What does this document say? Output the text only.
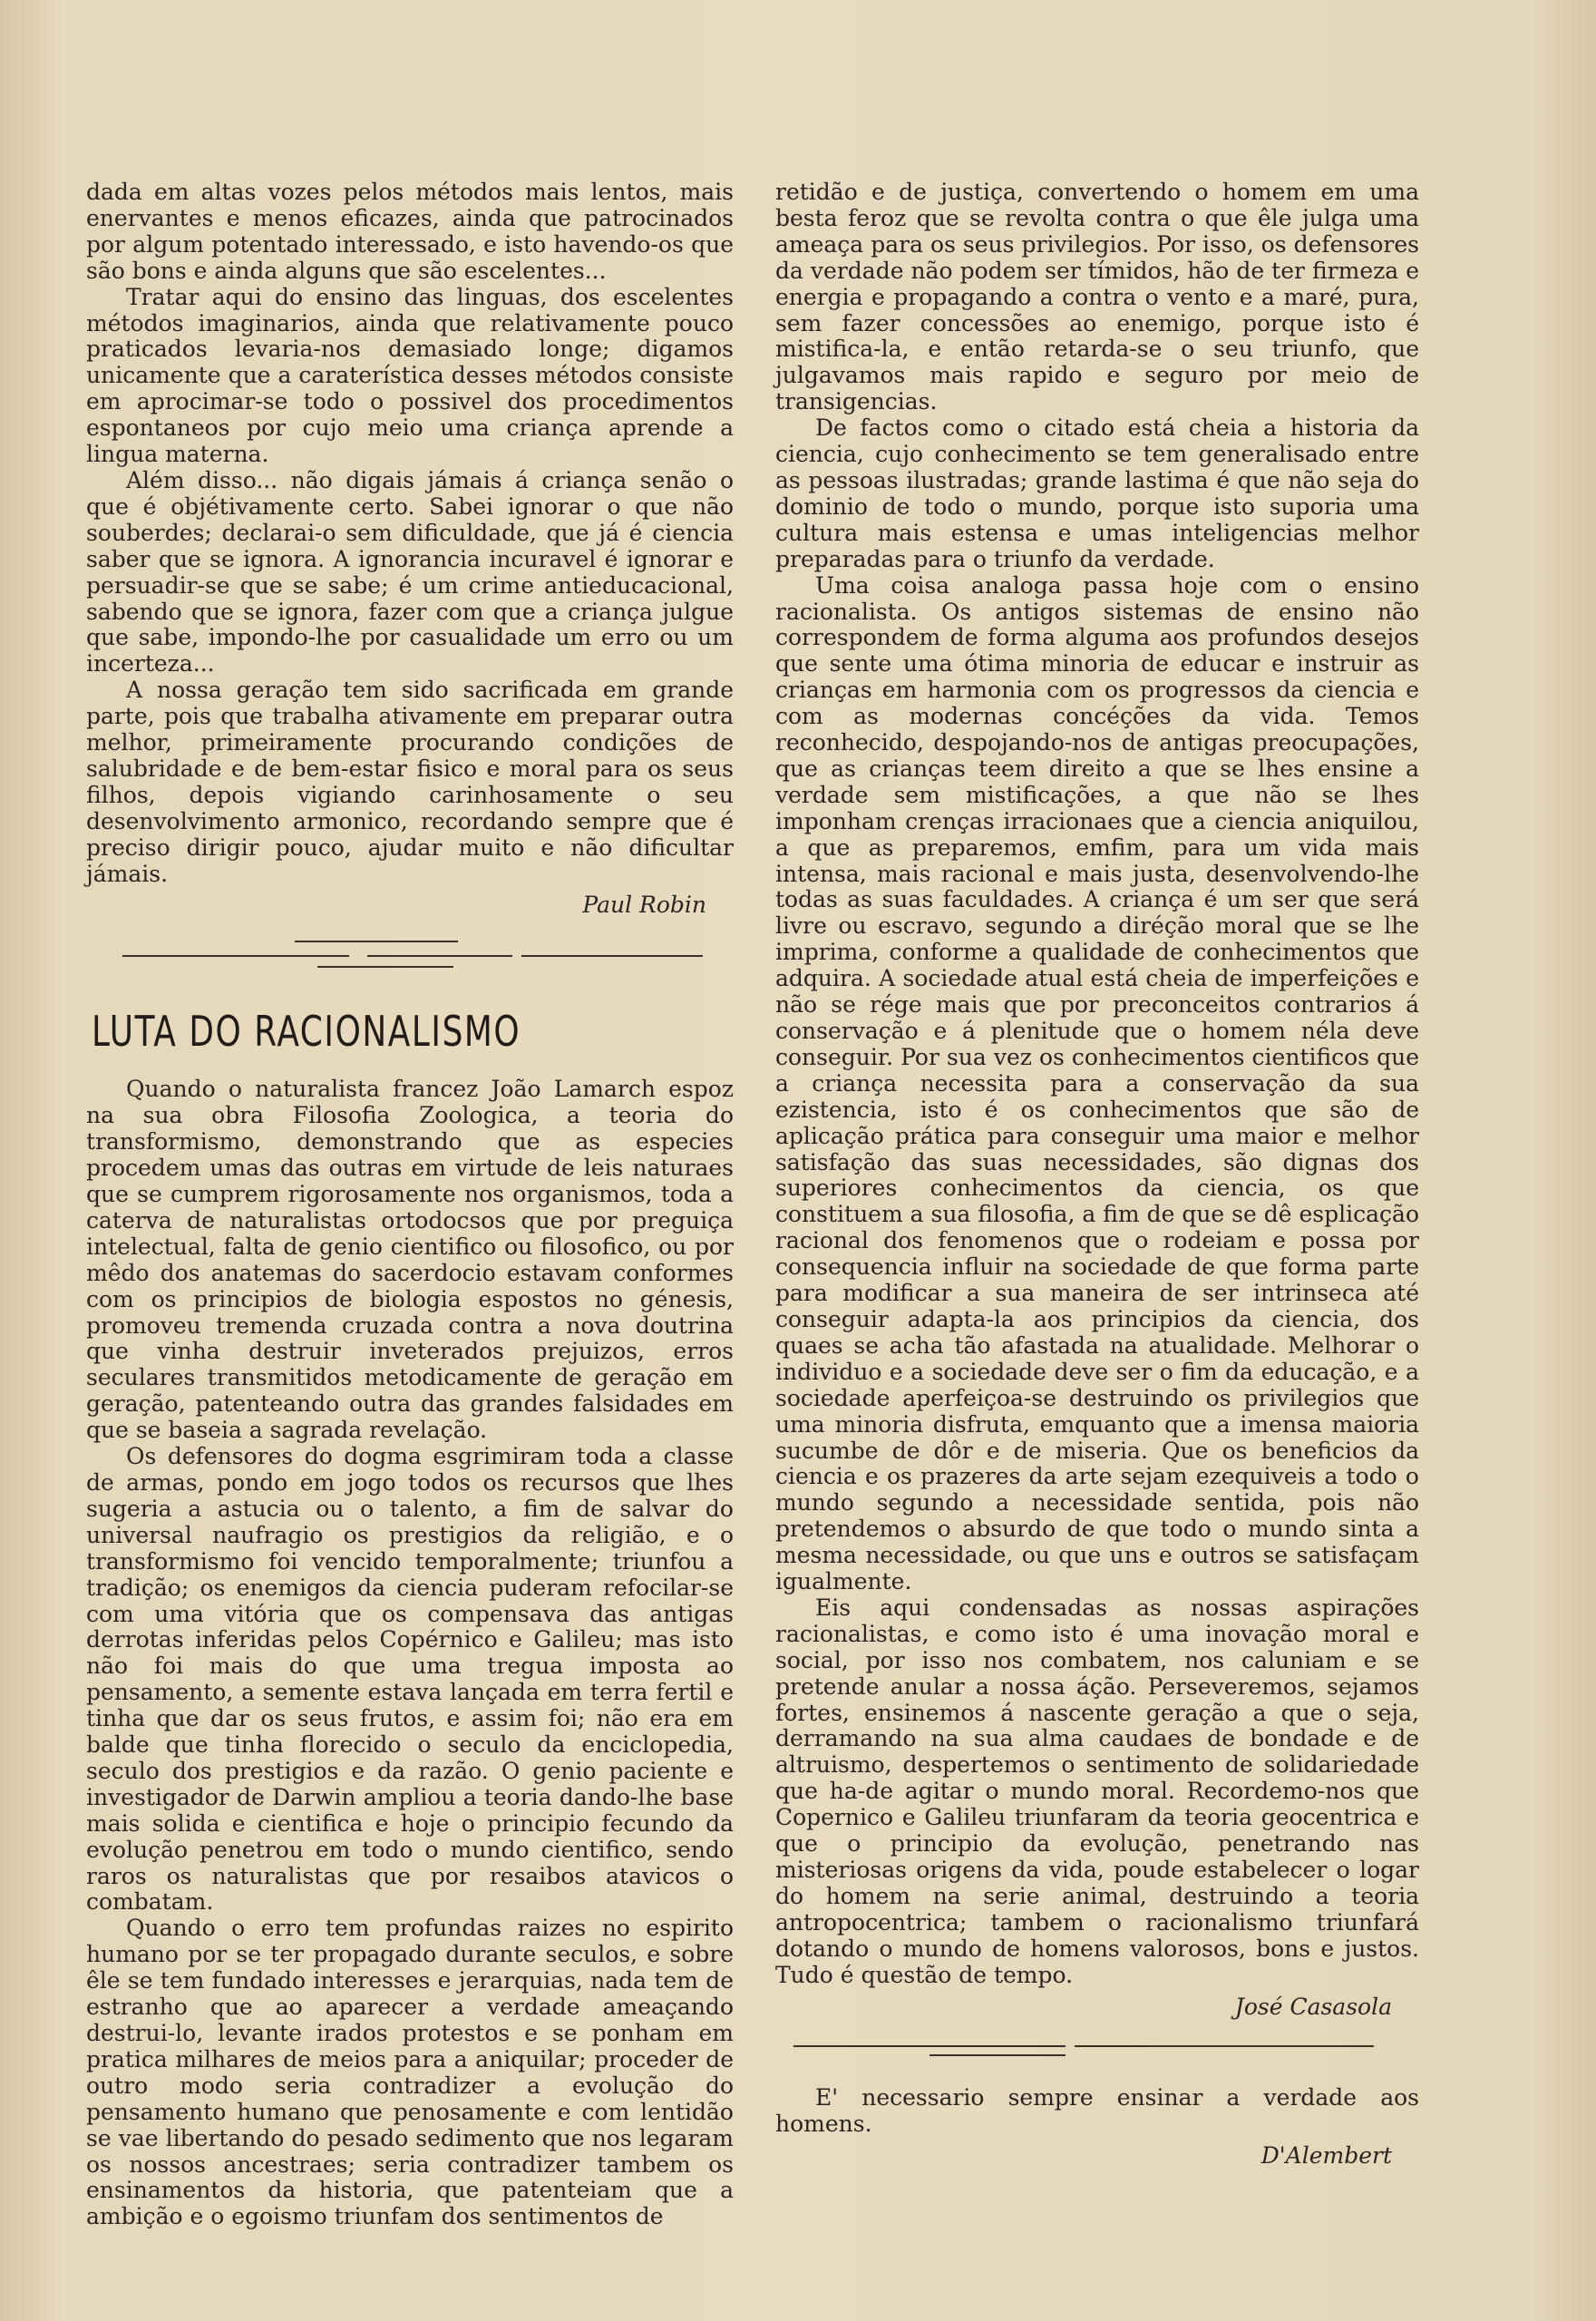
dada em altas vozes pelos métodos mais lentos, mais enervantes e menos eficazes, ainda que patrocinados por algum potentado interessado, e isto havendo-os que são bons e ainda alguns que são escelentes...

Tratar aqui do ensino das linguas, dos escelentes métodos imaginarios, ainda que relativamente pouco praticados levaria-nos demasiado longe; digamos unicamente que a caraterística desses métodos consiste em aprocimar-se todo o possivel dos procedimentos espontaneos por cujo meio uma criança aprende a lingua materna.

Além disso... não digais jámais á criança senão o que é objétivamente certo. Sabei ignorar o que não souberdes; declarai-o sem dificuldade, que já é ciencia saber que se ignora. A ignorancia incuravel é ignorar e persuadir-se que se sabe; é um crime antieducacional, sabendo que se ignora, fazer com que a criança julgue que sabe, impondo-lhe por casualidade um erro ou um incerteza...

A nossa geração tem sido sacrificada em grande parte, pois que trabalha ativamente em preparar outra melhor, primeiramente procurando condições de salubridade e de bem-estar fisico e moral para os seus filhos, depois vigiando carinhosamente o seu desenvolvimento armonico, recordando sempre que é preciso dirigir pouco, ajudar muito e não dificultar jámais.

Paul Robin
LUTA DO RACIONALISMO

Quando o naturalista francez João Lamarch espoz na sua obra Filosofia Zoologica, a teoria do transformismo, demonstrando que as especies procedem umas das outras em virtude de leis naturaes que se cumprem rigorosamente nos organismos, toda a caterva de naturalistas ortodocsos que por preguiça intelectual, falta de genio cientifico ou filosofico, ou por mêdo dos anatemas do sacerdocio estavam conformes com os principios de biologia espostos no génesis, promoveu tremenda cruzada contra a nova doutrina que vinha destruir inveterados prejuizos, erros seculares transmitidos metodicamente de geração em geração, patenteando outra das grandes falsidades em que se baseia a sagrada revelação.

Os defensores do dogma esgrimiram toda a classe de armas, pondo em jogo todos os recursos que lhes sugeria a astucia ou o talento, a fim de salvar do universal naufragio os prestigios da religião, e o transformismo foi vencido temporalmente; triunfou a tradição; os enemigos da ciencia puderam refocilar-se com uma vitória que os compensava das antigas derrotas inferidas pelos Copérnico e Galileu; mas isto não foi mais do que uma tregua imposta ao pensamento, a semente estava lançada em terra fertil e tinha que dar os seus frutos, e assim foi; não era em balde que tinha florecido o seculo da enciclopedia, seculo dos prestigios e da razão. O genio paciente e investigador de Darwin ampliou a teoria dando-lhe base mais solida e cientifica e hoje o principio fecundo da evolução penetrou em todo o mundo cientifico, sendo raros os naturalistas que por resaibos atavicos o combatam.

Quando o erro tem profundas raizes no espirito humano por se ter propagado durante seculos, e sobre êle se tem fundado interesses e jerarquias, nada tem de estranho que ao aparecer a verdade ameaçando destrui-lo, levante irados protestos e se ponham em pratica milhares de meios para a aniquilar; proceder de outro modo seria contradizer a evolução do pensamento humano que penosamente e com lentidão se vae libertando do pesado sedimento que nos legaram os nossos ancestraes; seria contradizer tambem os ensinamentos da historia, que patenteiam que a ambição e o egoismo triunfam dos sentimentos de

retidão e de justiça, convertendo o homem em uma besta feroz que se revolta contra o que êle julga uma ameaça para os seus privilegios. Por isso, os defensores da verdade não podem ser tímidos, hão de ter firmeza e energia e propagando a contra o vento e a maré, pura, sem fazer concessões ao enemigo, porque isto é mistifica-la, e então retarda-se o seu triunfo, que julgavamos mais rapido e seguro por meio de transigencias.

De factos como o citado está cheia a historia da ciencia, cujo conhecimento se tem generalisado entre as pessoas ilustradas; grande lastima é que não seja do dominio de todo o mundo, porque isto suporia uma cultura mais estensa e umas inteligencias melhor preparadas para o triunfo da verdade.

Uma coisa analoga passa hoje com o ensino racionalista. Os antigos sistemas de ensino não correspondem de forma alguma aos profundos desejos que sente uma ótima minoria de educar e instruir as crianças em harmonia com os progressos da ciencia e com as modernas concéções da vida. Temos reconhecido, despojando-nos de antigas preocupações, que as crianças teem direito a que se lhes ensine a verdade sem mistificações, a que não se lhes imponham crenças irracionaes que a ciencia aniquilou, a que as preparemos, emfim, para um vida mais intensa, mais racional e mais justa, desenvolvendo-lhe todas as suas faculdades. A criança é um ser que será livre ou escravo, segundo a diréção moral que se lhe imprima, conforme a qualidade de conhecimentos que adquira. A sociedade atual está cheia de imperfeições e não se rége mais que por preconceitos contrarios á conservação e á plenitude que o homem néla deve conseguir. Por sua vez os conhecimentos cientificos que a criança necessita para a conservação da sua ezistencia, isto é os conhecimentos que são de aplicação prática para conseguir uma maior e melhor satisfação das suas necessidades, são dignas dos superiores conhecimentos da ciencia, os que constituem a sua filosofia, a fim de que se dê esplicação racional dos fenomenos que o rodeiam e possa por consequencia influir na sociedade de que forma parte para modificar a sua maneira de ser intrinseca até conseguir adapta-la aos principios da ciencia, dos quaes se acha tão afastada na atualidade. Melhorar o individuo e a sociedade deve ser o fim da educação, e a sociedade aperfeiçoa-se destruindo os privilegios que uma minoria disfruta, emquanto que a imensa maioria sucumbe de dôr e de miseria. Que os beneficios da ciencia e os prazeres da arte sejam ezequiveis a todo o mundo segundo a necessidade sentida, pois não pretendemos o absurdo de que todo o mundo sinta a mesma necessidade, ou que uns e outros se satisfaçam igualmente.

Eis aqui condensadas as nossas aspirações racionalistas, e como isto é uma inovação moral e social, por isso nos combatem, nos caluniam e se pretende anular a nossa áção. Perseveremos, sejamos fortes, ensinemos á nascente geração a que o seja, derramando na sua alma caudaes de bondade e de altruismo, despertemos o sentimento de solidariedade que ha-de agitar o mundo moral. Recordemo-nos que Copernico e Galileu triunfaram da teoria geocentrica e que o principio da evolução, penetrando nas misteriosas origens da vida, poude estabelecer o logar do homem na serie animal, destruindo a teoria antropocentrica; tambem o racionalismo triunfará dotando o mundo de homens valorosos, bons e justos. Tudo é questão de tempo.

José Casasola

E' necessario sempre ensinar a verdade aos homens.

D'Alembert
